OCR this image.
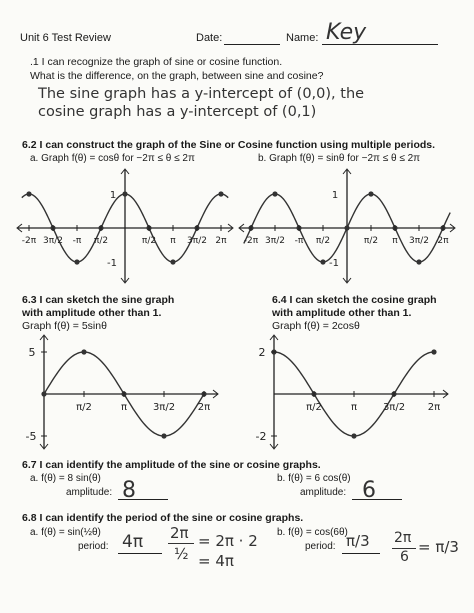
Unit 6 Test Review	Date:	Name: Key
.1 I can recognize the graph of sine or cosine function.
What is the difference, on the graph, between sine and cosine?
The sine graph has a y-intercept of (0,0), the
cosine graph has a y-intercept of (0,1)
6.2 I can construct the graph of the Sine or Cosine function using multiple periods.
a. Graph f(θ) = cosθ for −2π ≤ θ ≤ 2π	b. Graph f(θ) = sinθ for −2π ≤ θ ≤ 2π
-2π 3π/2 -π π/2	π/2 π 3π/2 2π
1
-1
-2π 3π/2 -π π/2	π/2 π 3π/2 2π
1
-1
6.3 I can sketch the sine graph
with amplitude other than 1.
Graph f(θ) = 5sinθ
π/2	π	3π/2 2π
5
-5
6.4 I can sketch the cosine graph
with amplitude other than 1.
Graph f(θ) = 2cosθ
π/2	π	3π/2 2π
2
-2
6.7 I can identify the amplitude of the sine or cosine graphs.
a. f(θ) = 8 sin(θ)
amplitude: 8	b. f(θ) = 6 cos(θ)
amplitude: 6
6.8 I can identify the period of the sine or cosine graphs.
a. f(θ) = sin(½θ)
period: 4π 2π
½
= 2π · 2
= 4π
b. f(θ) = cos(6θ)
period: π/3 2π
6
= π/3
